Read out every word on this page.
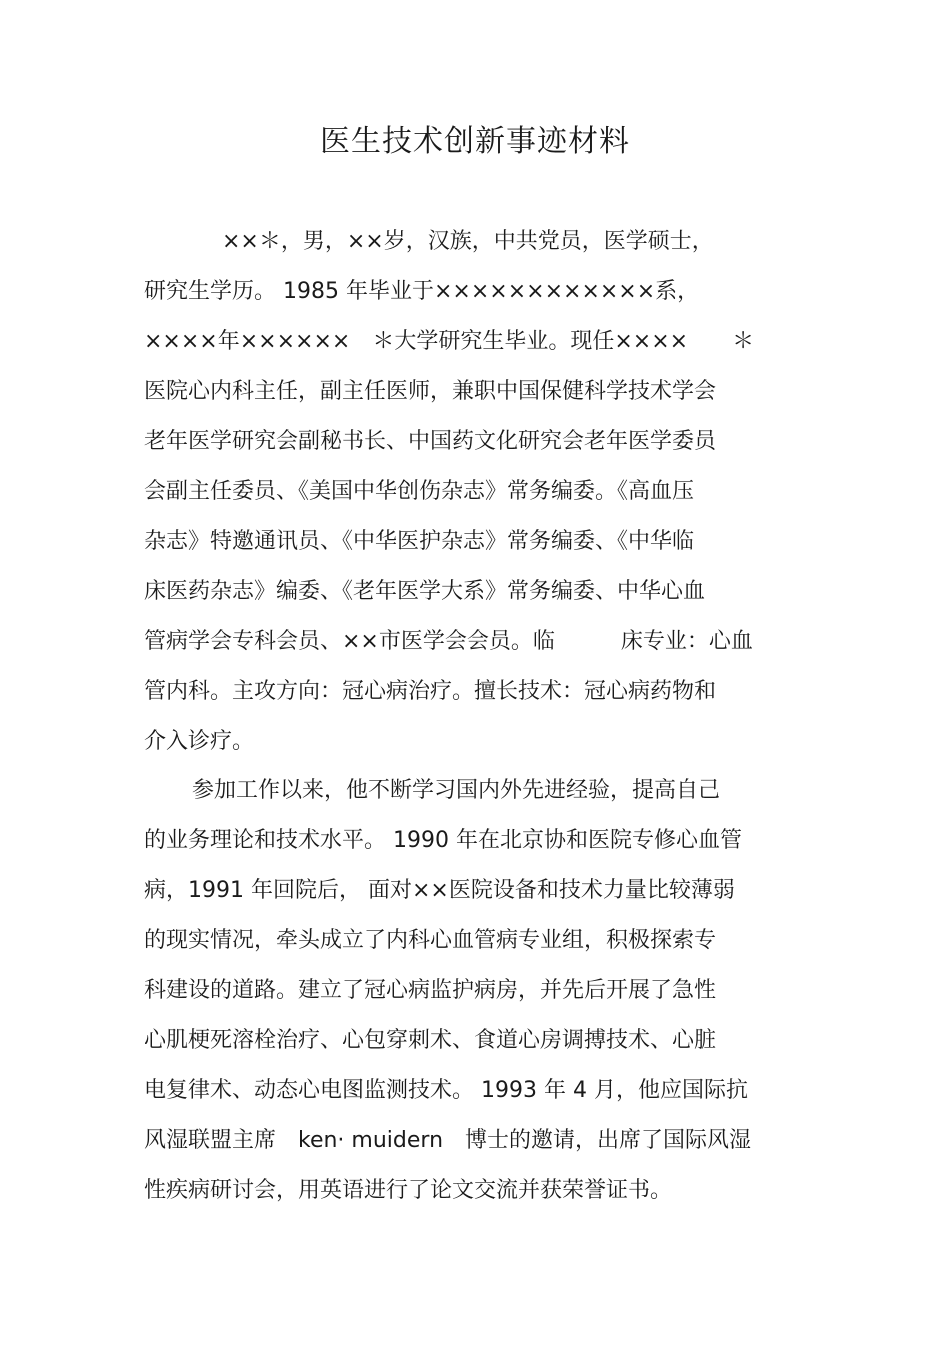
医生技术创新事迹材料
××＊，男，××岁，汉族，中共党员，医学硕士，
研究生学历。 1985 年毕业于××××××××××××系，
××××年××××××　＊大学研究生毕业。现任××××　　＊
医院心内科主任，副主任医师，兼职中国保健科学技术学会
老年医学研究会副秘书长、中国药文化研究会老年医学委员
会副主任委员、《美国中华创伤杂志》常务编委。《高血压
杂志》特邀通讯员、《中华医护杂志》常务编委、《中华临
床医药杂志》编委、《老年医学大系》常务编委、中华心血
管病学会专科会员、××市医学会会员。临　　　床专业：心血
管内科。主攻方向：冠心病治疗。擅长技术：冠心病药物和
介入诊疗。
参加工作以来，他不断学习国内外先进经验，提高自己
的业务理论和技术水平。 1990 年在北京协和医院专修心血管
病，1991 年回院后， 面对××医院设备和技术力量比较薄弱
的现实情况，牵头成立了内科心血管病专业组，积极探索专
科建设的道路。建立了冠心病监护病房，并先后开展了急性
心肌梗死溶栓治疗、心包穿刺术、食道心房调搏技术、心脏
电复律术、动态心电图监测技术。 1993 年 4 月，他应国际抗
风湿联盟主席　ken· muidern　博士的邀请，出席了国际风湿
性疾病研讨会，用英语进行了论文交流并获荣誉证书。
